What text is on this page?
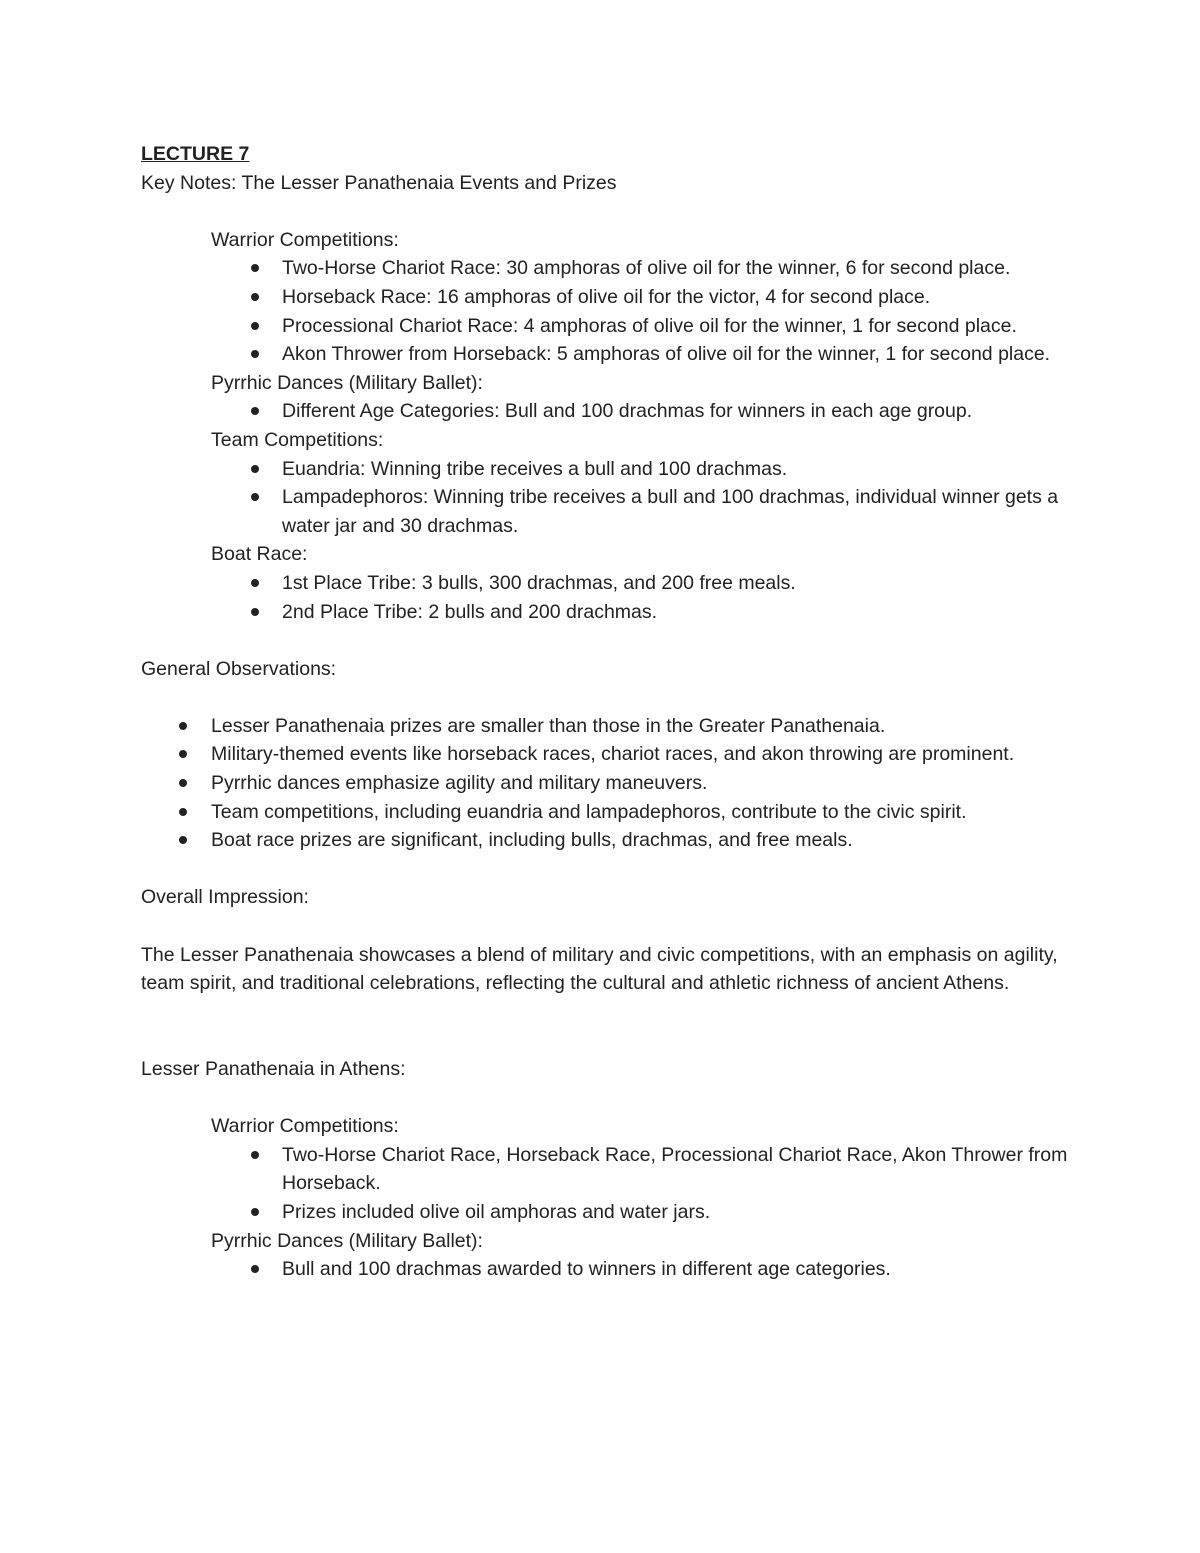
LECTURE 7
Key Notes: The Lesser Panathenaia Events and Prizes
Warrior Competitions:
Two-Horse Chariot Race: 30 amphoras of olive oil for the winner, 6 for second place.
Horseback Race: 16 amphoras of olive oil for the victor, 4 for second place.
Processional Chariot Race: 4 amphoras of olive oil for the winner, 1 for second place.
Akon Thrower from Horseback: 5 amphoras of olive oil for the winner, 1 for second place.
Pyrrhic Dances (Military Ballet):
Different Age Categories: Bull and 100 drachmas for winners in each age group.
Team Competitions:
Euandria: Winning tribe receives a bull and 100 drachmas.
Lampadephoros: Winning tribe receives a bull and 100 drachmas, individual winner gets a water jar and 30 drachmas.
Boat Race:
1st Place Tribe: 3 bulls, 300 drachmas, and 200 free meals.
2nd Place Tribe: 2 bulls and 200 drachmas.
General Observations:
Lesser Panathenaia prizes are smaller than those in the Greater Panathenaia.
Military-themed events like horseback races, chariot races, and akon throwing are prominent.
Pyrrhic dances emphasize agility and military maneuvers.
Team competitions, including euandria and lampadephoros, contribute to the civic spirit.
Boat race prizes are significant, including bulls, drachmas, and free meals.
Overall Impression:
The Lesser Panathenaia showcases a blend of military and civic competitions, with an emphasis on agility, team spirit, and traditional celebrations, reflecting the cultural and athletic richness of ancient Athens.
Lesser Panathenaia in Athens:
Warrior Competitions:
Two-Horse Chariot Race, Horseback Race, Processional Chariot Race, Akon Thrower from Horseback.
Prizes included olive oil amphoras and water jars.
Pyrrhic Dances (Military Ballet):
Bull and 100 drachmas awarded to winners in different age categories.
